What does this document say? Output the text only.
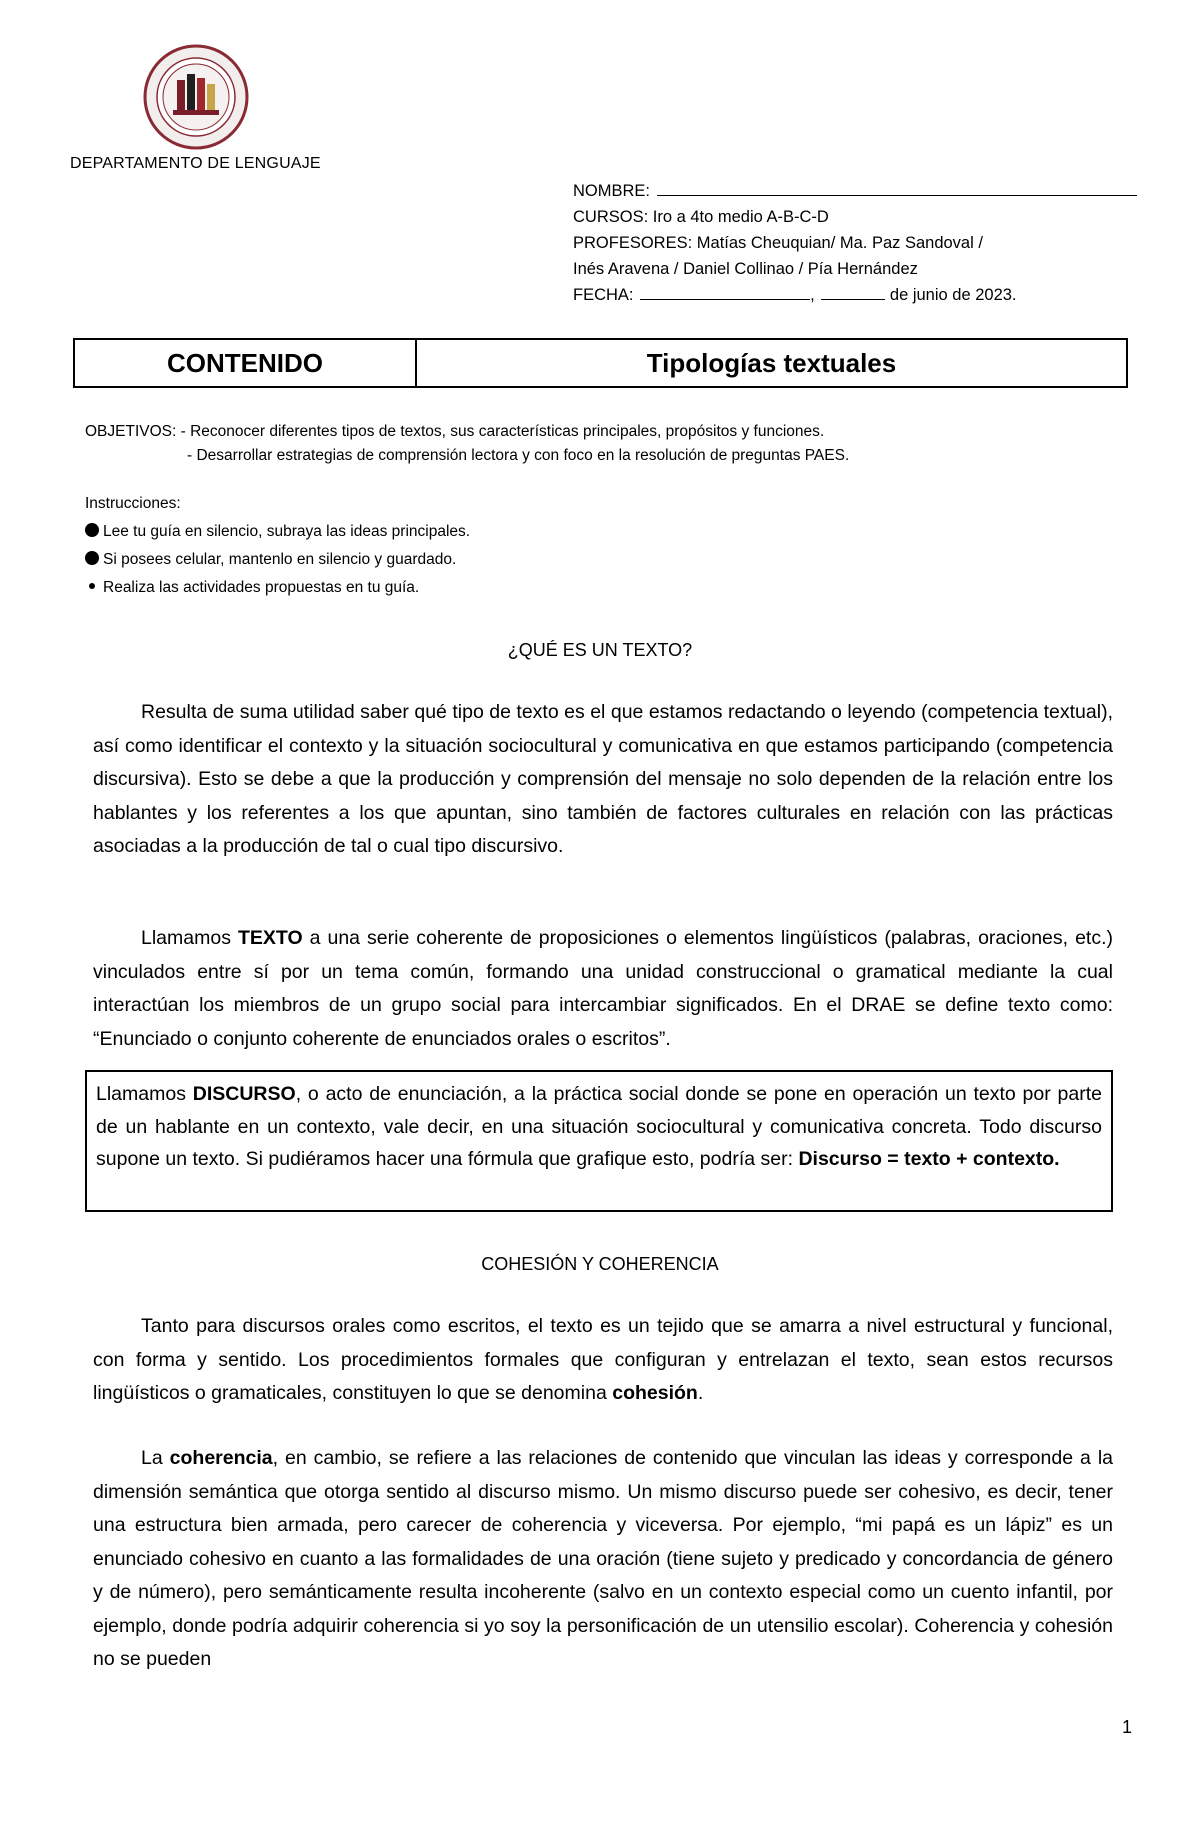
DEPARTAMENTO DE LENGUAJE
NOMBRE:
CURSOS: Iro a 4to medio A-B-C-D
PROFESORES: Matías Cheuquian/ Ma. Paz Sandoval /
Inés Aravena / Daniel Collinao / Pía Hernández
FECHA:	,	de junio de 2023.
CONTENIDO	Tipologías textuales
OBJETIVOS: - Reconocer diferentes tipos de textos, sus características principales, propósitos y funciones.
- Desarrollar estrategias de comprensión lectora y con foco en la resolución de preguntas PAES.
Instrucciones:
Lee tu guía en silencio, subraya las ideas principales.
Si posees celular, mantenlo en silencio y guardado.
Realiza las actividades propuestas en tu guía.
¿QUÉ ES UN TEXTO?

Resulta de suma utilidad saber qué tipo de texto es el que estamos redactando o leyendo (competencia textual), así como identificar el contexto y la situación sociocultural y comunicativa en que estamos participando (competencia discursiva). Esto se debe a que la producción y comprensión del mensaje no solo dependen de la relación entre los hablantes y los referentes a los que apuntan, sino también de factores culturales en relación con las prácticas asociadas a la producción de tal o cual tipo discursivo.

Llamamos TEXTO a una serie coherente de proposiciones o elementos lingüísticos (palabras, oraciones, etc.) vinculados entre sí por un tema común, formando una unidad construccional o gramatical mediante la cual interactúan los miembros de un grupo social para intercambiar significados. En el DRAE se define texto como: “Enunciado o conjunto coherente de enunciados orales o escritos”.

Llamamos DISCURSO, o acto de enunciación, a la práctica social donde se pone en operación un texto por parte de un hablante en un contexto, vale decir, en una situación sociocultural y comunicativa concreta. Todo discurso supone un texto. Si pudiéramos hacer una fórmula que grafique esto, podría ser: Discurso = texto + contexto.
COHESIÓN Y COHERENCIA

Tanto para discursos orales como escritos, el texto es un tejido que se amarra a nivel estructural y funcional, con forma y sentido. Los procedimientos formales que configuran y entrelazan el texto, sean estos recursos lingüísticos o gramaticales, constituyen lo que se denomina cohesión.

La coherencia, en cambio, se refiere a las relaciones de contenido que vinculan las ideas y corresponde a la dimensión semántica que otorga sentido al discurso mismo. Un mismo discurso puede ser cohesivo, es decir, tener una estructura bien armada, pero carecer de coherencia y viceversa. Por ejemplo, “mi papá es un lápiz” es un enunciado cohesivo en cuanto a las formalidades de una oración (tiene sujeto y predicado y concordancia de género y de número), pero semánticamente resulta incoherente (salvo en un contexto especial como un cuento infantil, por ejemplo, donde podría adquirir coherencia si yo soy la personificación de un utensilio escolar). Coherencia y cohesión no se pueden

1
